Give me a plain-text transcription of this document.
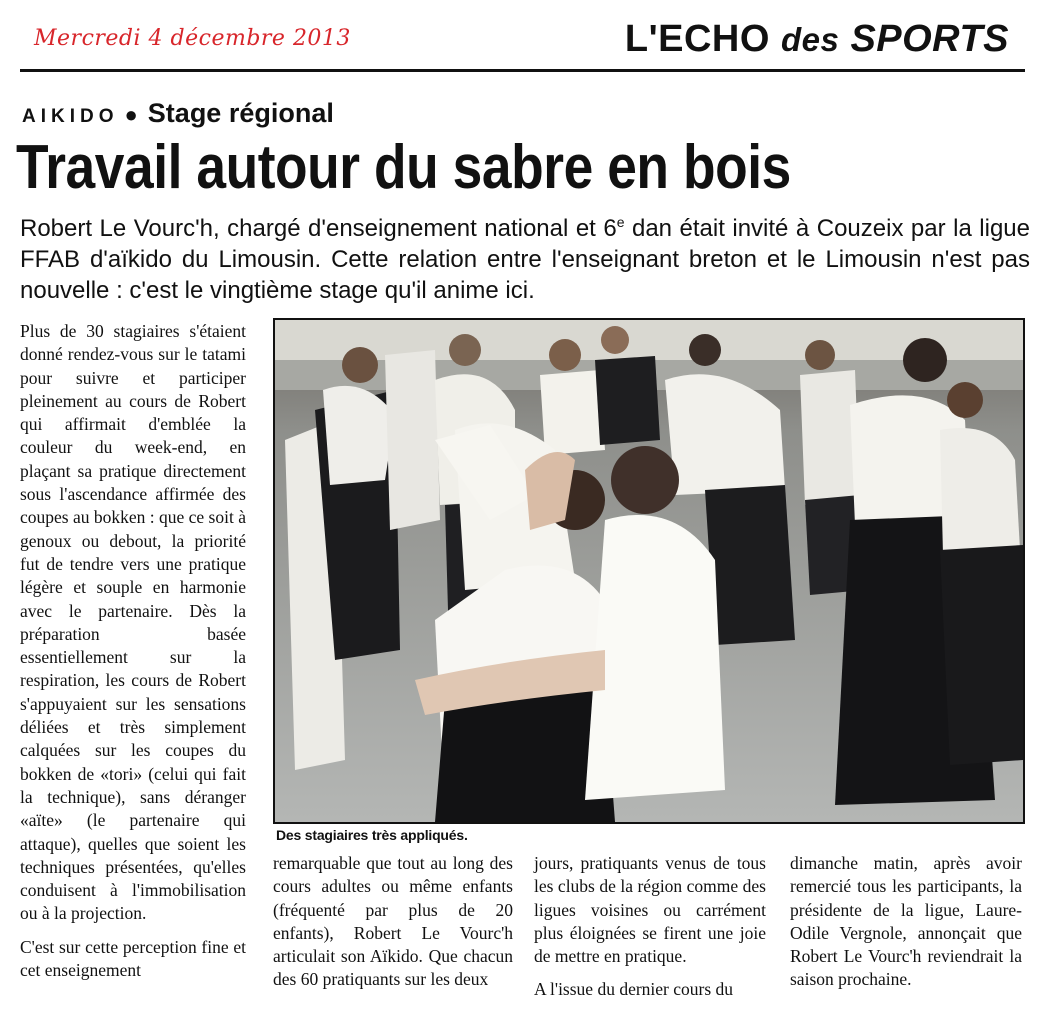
Mercredi 4 décembre 2013	L'ECHO des SPORTS
AIKIDO ● Stage régional
Travail autour du sabre en bois
Robert Le Vourc'h, chargé d'enseignement national et 6e dan était invité à Couzeix par la ligue FFAB d'aïkido du Limousin. Cette relation entre l'enseignant breton et le Limousin n'est pas nouvelle : c'est le vingtième stage qu'il anime ici.

Plus de 30 stagiaires s'étaient donné rendez-vous sur le tatami pour suivre et participer pleinement au cours de Robert qui affirmait d'emblée la couleur du week-end, en plaçant sa pratique directement sous l'ascendance affirmée des coupes au bokken : que ce soit à genoux ou debout, la priorité fut de tendre vers une pratique légère et souple en harmonie avec le partenaire. Dès la préparation basée essentiellement sur la respiration, les cours de Robert s'appuyaient sur les sensations déliées et très simplement calquées sur les coupes du bokken de «tori» (celui qui fait la technique), sans déranger «aïte» (le partenaire qui attaque), quelles que soient les techniques présentées, qu'elles conduisent à l'immobilisation ou à la projection.

C'est sur cette perception fine et cet enseignement

Des stagiaires très appliqués.

remarquable que tout au long des cours adultes ou même enfants (fréquenté par plus de 20 enfants), Robert Le Vourc'h articulait son Aïkido. Que chacun des 60 pratiquants sur les deux

jours, pratiquants venus de tous les clubs de la région comme des ligues voisines ou carrément plus éloignées se firent une joie de mettre en pratique.

A l'issue du dernier cours du

dimanche matin, après avoir remercié tous les participants, la présidente de la ligue, Laure-Odile Vergnole, annonçait que Robert Le Vourc'h reviendrait la saison prochaine.
